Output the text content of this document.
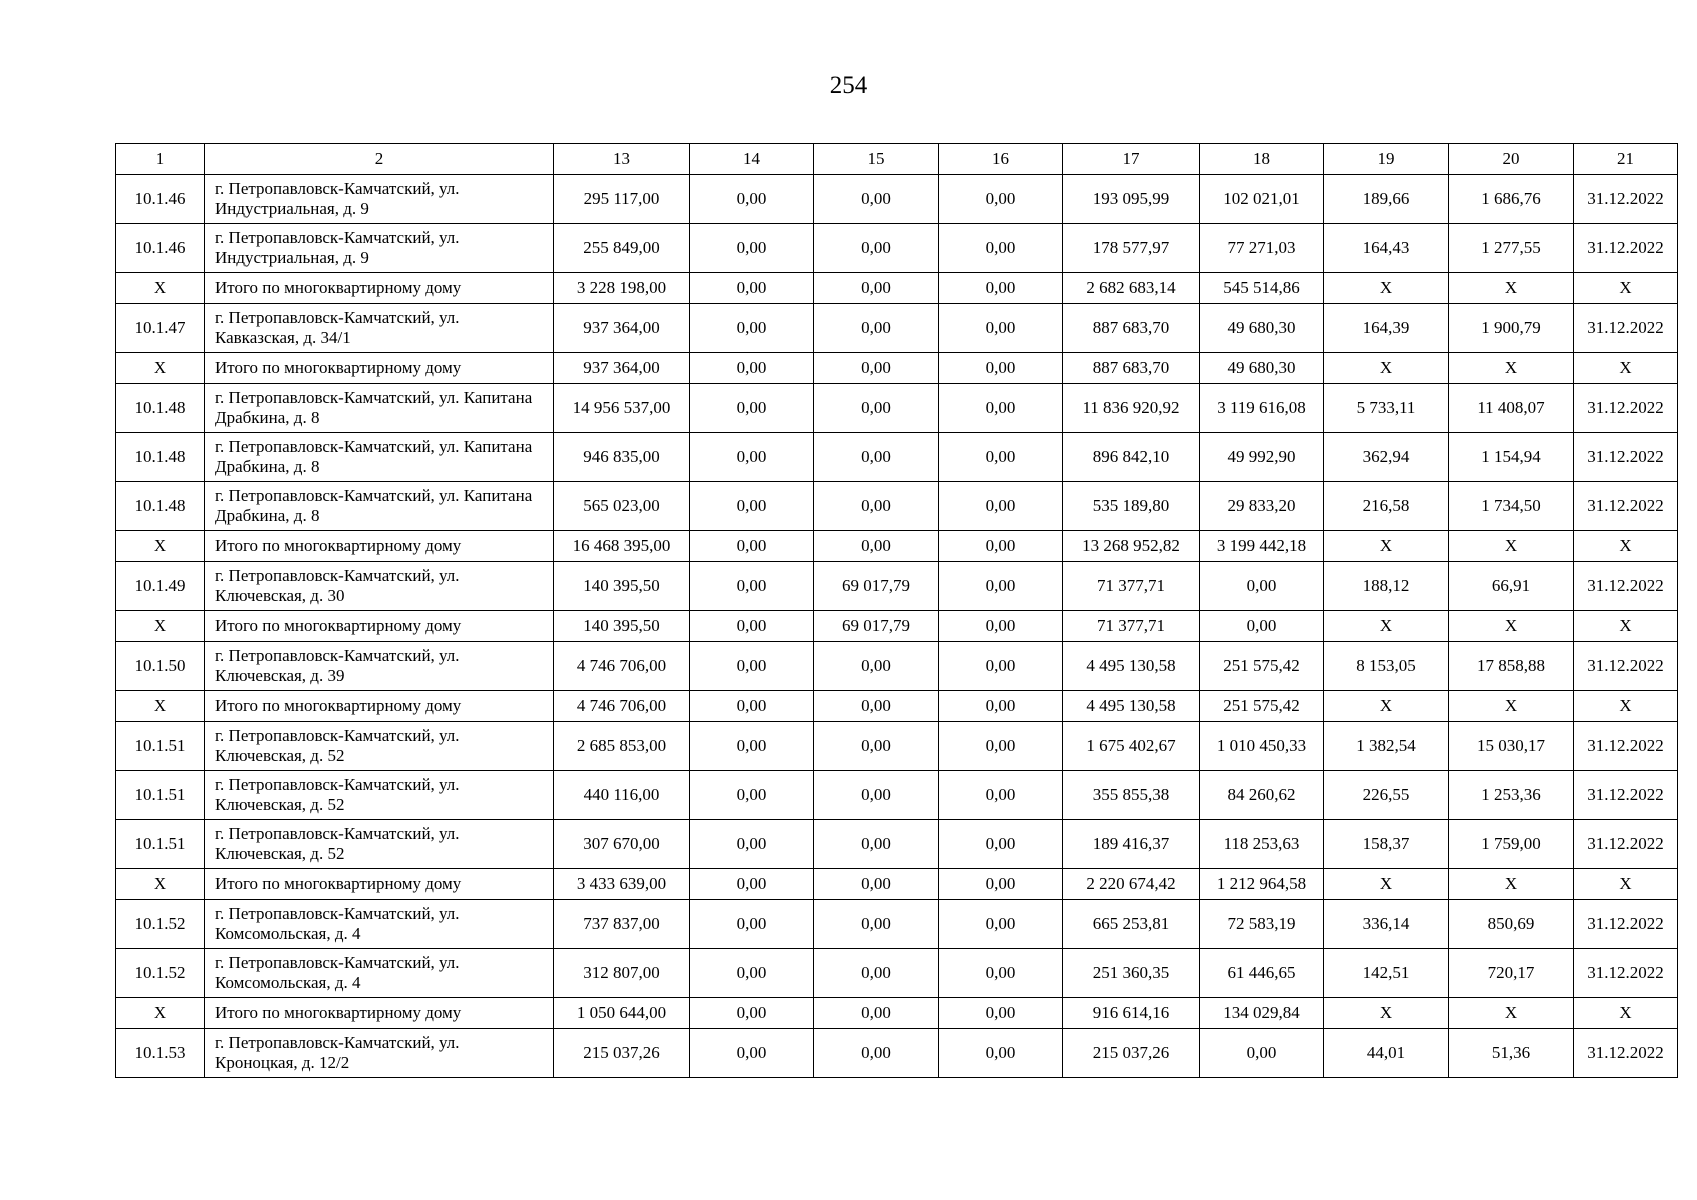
254
1	2	13	14	15	16	17	18	19	20	21
10.1.46	г. Петропавловск-Камчатский, ул. Индустриальная, д. 9	295 117,00	0,00	0,00	0,00	193 095,99	102 021,01	189,66	1 686,76	31.12.2022
10.1.46	г. Петропавловск-Камчатский, ул. Индустриальная, д. 9	255 849,00	0,00	0,00	0,00	178 577,97	77 271,03	164,43	1 277,55	31.12.2022
X	Итого по многоквартирному дому	3 228 198,00	0,00	0,00	0,00	2 682 683,14	545 514,86	X	X	X
10.1.47	г. Петропавловск-Камчатский, ул. Кавказская, д. 34/1	937 364,00	0,00	0,00	0,00	887 683,70	49 680,30	164,39	1 900,79	31.12.2022
X	Итого по многоквартирному дому	937 364,00	0,00	0,00	0,00	887 683,70	49 680,30	X	X	X
10.1.48	г. Петропавловск-Камчатский, ул. Капитана Драбкина, д. 8	14 956 537,00	0,00	0,00	0,00	11 836 920,92	3 119 616,08	5 733,11	11 408,07	31.12.2022
10.1.48	г. Петропавловск-Камчатский, ул. Капитана Драбкина, д. 8	946 835,00	0,00	0,00	0,00	896 842,10	49 992,90	362,94	1 154,94	31.12.2022
10.1.48	г. Петропавловск-Камчатский, ул. Капитана Драбкина, д. 8	565 023,00	0,00	0,00	0,00	535 189,80	29 833,20	216,58	1 734,50	31.12.2022
X	Итого по многоквартирному дому	16 468 395,00	0,00	0,00	0,00	13 268 952,82	3 199 442,18	X	X	X
10.1.49	г. Петропавловск-Камчатский, ул. Ключевская, д. 30	140 395,50	0,00	69 017,79	0,00	71 377,71	0,00	188,12	66,91	31.12.2022
X	Итого по многоквартирному дому	140 395,50	0,00	69 017,79	0,00	71 377,71	0,00	X	X	X
10.1.50	г. Петропавловск-Камчатский, ул. Ключевская, д. 39	4 746 706,00	0,00	0,00	0,00	4 495 130,58	251 575,42	8 153,05	17 858,88	31.12.2022
X	Итого по многоквартирному дому	4 746 706,00	0,00	0,00	0,00	4 495 130,58	251 575,42	X	X	X
10.1.51	г. Петропавловск-Камчатский, ул. Ключевская, д. 52	2 685 853,00	0,00	0,00	0,00	1 675 402,67	1 010 450,33	1 382,54	15 030,17	31.12.2022
10.1.51	г. Петропавловск-Камчатский, ул. Ключевская, д. 52	440 116,00	0,00	0,00	0,00	355 855,38	84 260,62	226,55	1 253,36	31.12.2022
10.1.51	г. Петропавловск-Камчатский, ул. Ключевская, д. 52	307 670,00	0,00	0,00	0,00	189 416,37	118 253,63	158,37	1 759,00	31.12.2022
X	Итого по многоквартирному дому	3 433 639,00	0,00	0,00	0,00	2 220 674,42	1 212 964,58	X	X	X
10.1.52	г. Петропавловск-Камчатский, ул. Комсомольская, д. 4	737 837,00	0,00	0,00	0,00	665 253,81	72 583,19	336,14	850,69	31.12.2022
10.1.52	г. Петропавловск-Камчатский, ул. Комсомольская, д. 4	312 807,00	0,00	0,00	0,00	251 360,35	61 446,65	142,51	720,17	31.12.2022
X	Итого по многоквартирному дому	1 050 644,00	0,00	0,00	0,00	916 614,16	134 029,84	X	X	X
10.1.53	г. Петропавловск-Камчатский, ул. Кроноцкая, д. 12/2	215 037,26	0,00	0,00	0,00	215 037,26	0,00	44,01	51,36	31.12.2022
